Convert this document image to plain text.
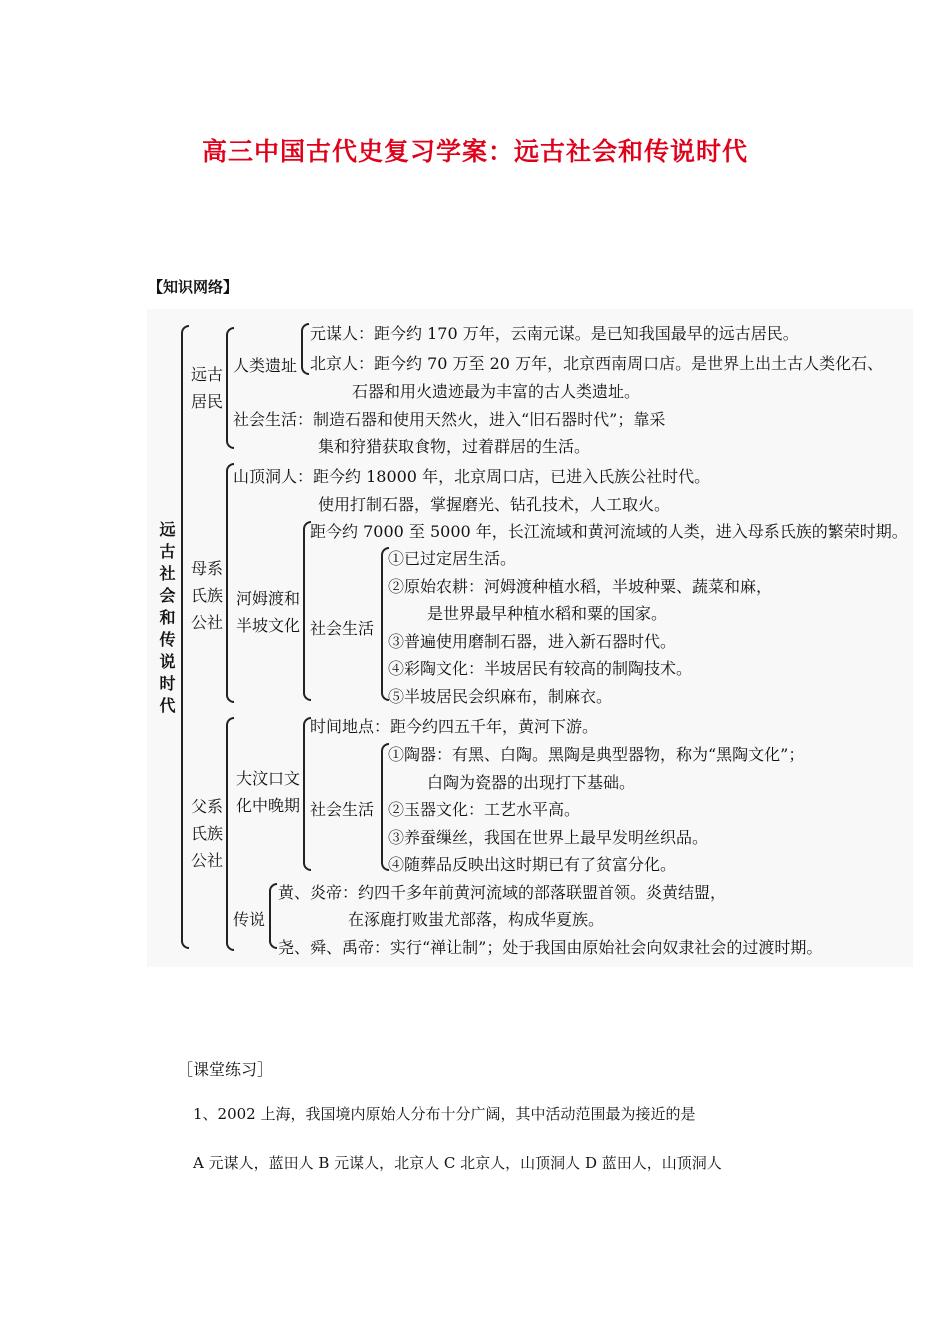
高三中国古代史复习学案：远古社会和传说时代
【知识网络】
远古社会和传说时代
远古
居民
人类遗址
元谋人：距今约 170 万年，云南元谋。是已知我国最早的远古居民。
北京人：距今约 70 万至 20 万年，北京西南周口店。是世界上出土古人类化石、
石器和用火遗迹最为丰富的古人类遗址。
社会生活：制造石器和使用天然火，进入“旧石器时代”；靠采
集和狩猎获取食物，过着群居的生活。
母系
氏族
公社
山顶洞人：距今约 18000 年，北京周口店，已进入氏族公社时代。
使用打制石器，掌握磨光、钻孔技术，人工取火。
河姆渡和
半坡文化
距今约 7000 至 5000 年，长江流域和黄河流域的人类，进入母系氏族的繁荣时期。
社会生活
①已过定居生活。
②原始农耕：河姆渡种植水稻，半坡种粟、蔬菜和麻，
是世界最早种植水稻和粟的国家。
③普遍使用磨制石器，进入新石器时代。
④彩陶文化：半坡居民有较高的制陶技术。
⑤半坡居民会织麻布，制麻衣。
父系
氏族
公社
大汶口文
化中晚期
时间地点：距今约四五千年，黄河下游。
社会生活
①陶器：有黑、白陶。黑陶是典型器物，称为“黑陶文化”；
白陶为瓷器的出现打下基础。
②玉器文化：工艺水平高。
③养蚕缫丝，我国在世界上最早发明丝织品。
④随葬品反映出这时期已有了贫富分化。
传说
黄、炎帝：约四千多年前黄河流域的部落联盟首领。炎黄结盟，
在涿鹿打败蚩尤部落，构成华夏族。
尧、舜、禹帝：实行“禅让制”；处于我国由原始社会向奴隶社会的过渡时期。
［课堂练习］
1、2002 上海，我国境内原始人分布十分广阔，其中活动范围最为接近的是
A 元谋人，蓝田人 B 元谋人，北京人 C 北京人，山顶洞人 D 蓝田人，山顶洞人
